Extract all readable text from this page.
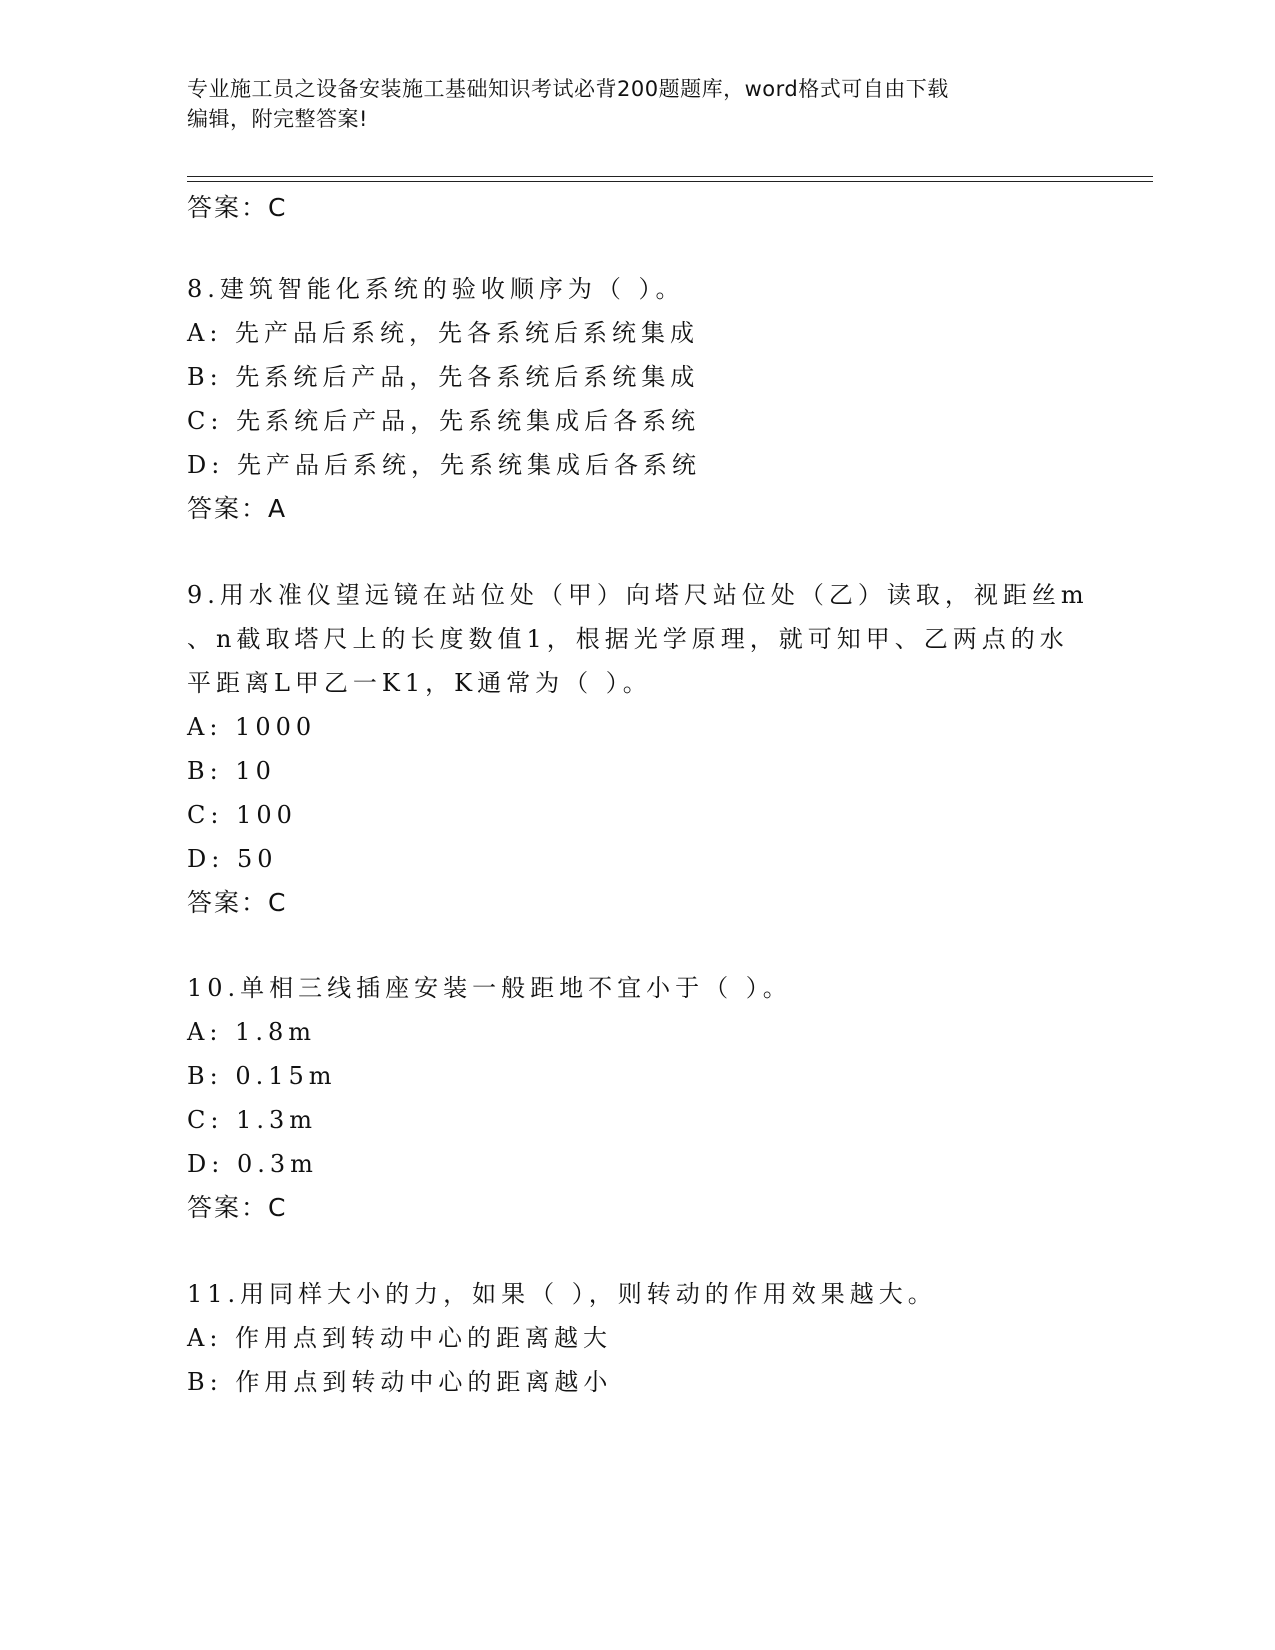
专业施工员之设备安装施工基础知识考试必背200题题库，word格式可自由下载
编辑，附完整答案!
答案：C
8.建筑智能化系统的验收顺序为（ ）。
A: 先产品后系统，先各系统后系统集成
B: 先系统后产品，先各系统后系统集成
C: 先系统后产品，先系统集成后各系统
D: 先产品后系统，先系统集成后各系统
答案：A
9.用水准仪望远镜在站位处（甲）向塔尺站位处（乙）读取，视距丝m
、n截取塔尺上的长度数值1，根据光学原理，就可知甲、乙两点的水
平距离L甲乙一K1，K通常为（ ）。
A: 1000
B: 10
C: 100
D: 50
答案：C
10.单相三线插座安装一般距地不宜小于（ ）。
A: 1.8m
B: 0.15m
C: 1.3m
D: 0.3m
答案：C
11.用同样大小的力，如果（ ），则转动的作用效果越大。
A: 作用点到转动中心的距离越大
B: 作用点到转动中心的距离越小
